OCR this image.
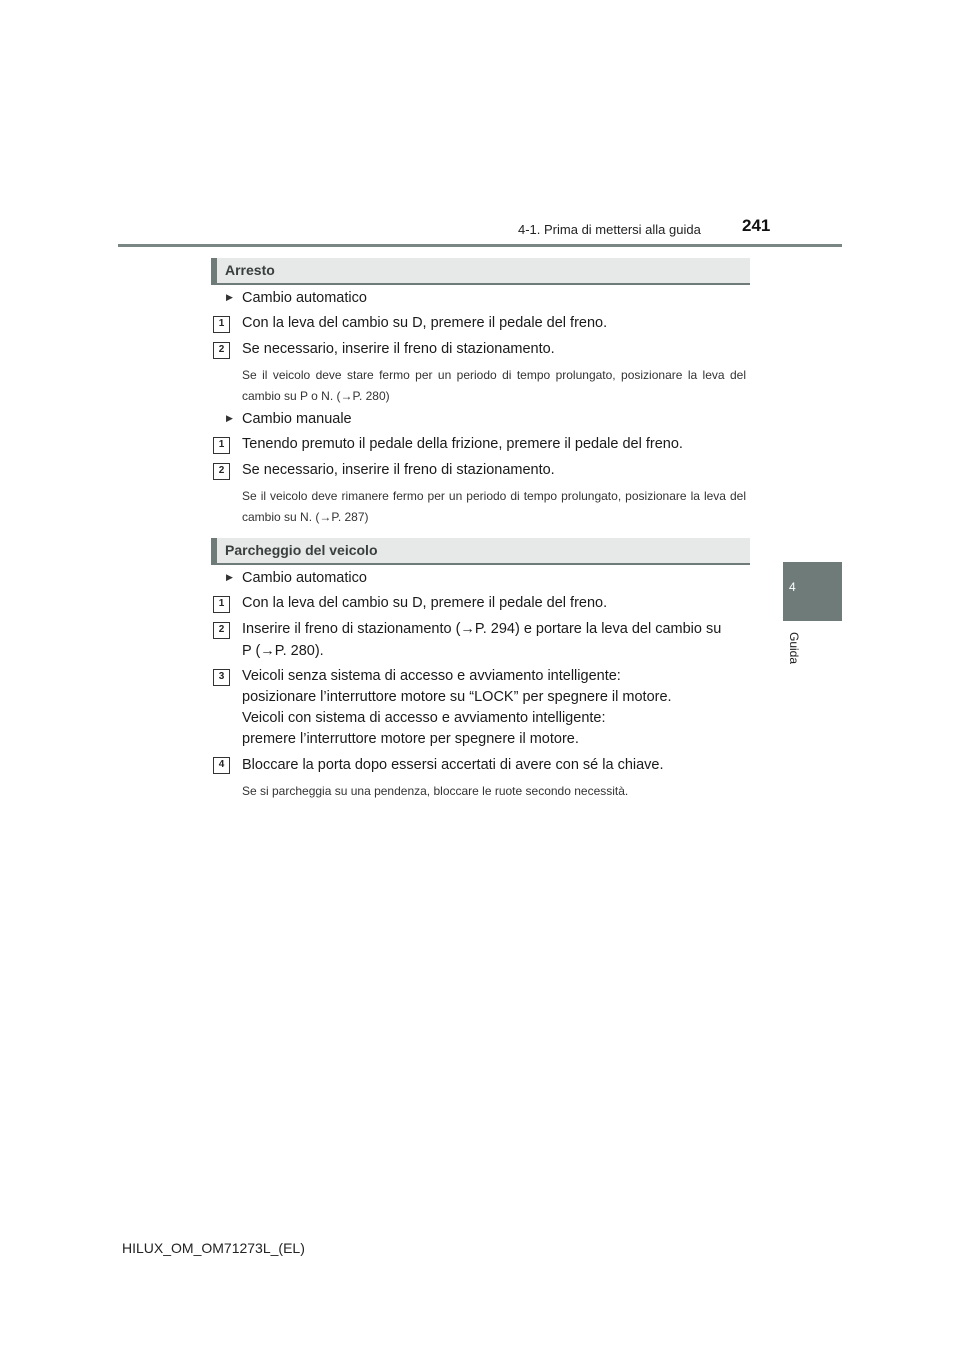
4-1. Prima di mettersi alla guida 241
4
Guida
Arresto
▶ Cambio automatico
1	Con la leva del cambio su D, premere il pedale del freno.
2	Se necessario, inserire il freno di stazionamento.
Se il veicolo deve stare fermo per un periodo di tempo prolungato, posizionare la leva del cambio su P o N. (→P. 280)
▶ Cambio manuale
1	Tenendo premuto il pedale della frizione, premere il pedale del freno.
2	Se necessario, inserire il freno di stazionamento.
Se il veicolo deve rimanere fermo per un periodo di tempo prolungato, posizionare la leva del cambio su N. (→P. 287)
Parcheggio del veicolo
▶ Cambio automatico
1	Con la leva del cambio su D, premere il pedale del freno.
2	Inserire il freno di stazionamento (→P. 294) e portare la leva del cambio su
P (→P. 280).
3	Veicoli senza sistema di accesso e avviamento intelligente:
posizionare l’interruttore motore su “LOCK” per spegnere il motore.
Veicoli con sistema di accesso e avviamento intelligente:
premere l’interruttore motore per spegnere il motore.
4	Bloccare la porta dopo essersi accertati di avere con sé la chiave.
Se si parcheggia su una pendenza, bloccare le ruote secondo necessità.
HILUX_OM_OM71273L_(EL)
